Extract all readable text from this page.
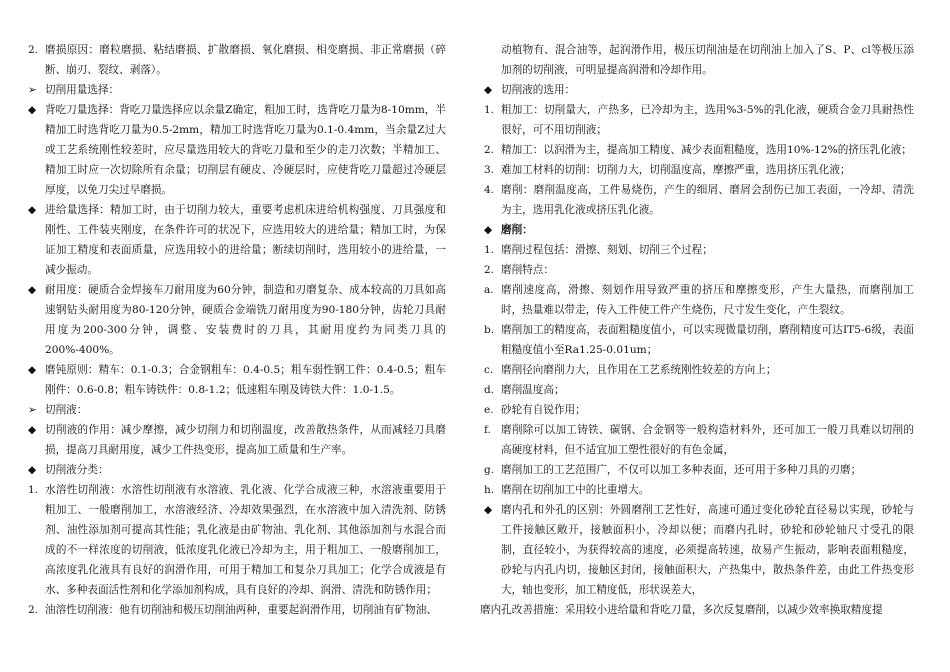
2. 磨损原因：磨粒磨损、粘结磨损、扩散磨损、氧化磨损、相变磨损、非正常磨损（碎断、崩刃、裂纹、剥落）。
➢ 切削用量选择：
◆ 背吃刀量选择：背吃刀量选择应以余量Z确定，粗加工时，选背吃刀量为8-10mm，半精加工时选背吃刀量为0.5-2mm，精加工时选背吃刀量为0.1-0.4mm，当余量Z过大或工艺系统刚性较差时，应尽量选用较大的背吃刀量和至少的走刀次数；半精加工、精加工时应一次切除所有余量；切削层有硬皮、冷硬层时，应使背吃刀量超过冷硬层厚度，以免刀尖过早磨损。
◆ 进给量选择：精加工时，由于切削力较大，重要考虑机床进给机构强度、刀具强度和刚性、工件装夹刚度，在条件许可的状况下，应选用较大的进给量；精加工时，为保证加工精度和表面质量，应选用较小的进给量；断续切削时，选用较小的进给量，一减少振动。
◆ 耐用度：硬质合金焊接车刀耐用度为60分钟，制造和刃磨复杂、成本较高的刀具如高速钢钻头耐用度为80-120分钟，硬质合金端铣刀耐用度为90-180分钟，齿轮刀具耐用度为200-300分钟，调整、安装费时的刀具，其耐用度约为同类刀具的200%-400%。
◆ 磨钝原则：精车：0.1-0.3；合金钢粗车：0.4-0.5；粗车弱性钢工件：0.4-0.5；粗车刚件：0.6-0.8；粗车铸铁件：0.8-1.2；低速粗车刚及铸铁大件：1.0-1.5。
➢ 切削液：
◆ 切削液的作用：减少摩擦，减少切削力和切削温度，改善散热条件，从而减轻刀具磨损，提高刀具耐用度，减少工件热变形，提高加工质量和生产率。
◆ 切削液分类：
1. 水溶性切削液：水溶性切削液有水溶液、乳化液、化学合成液三种，水溶液重要用于粗加工、一般磨削加工，水溶液经济、冷却效果强烈，在水溶液中加入清洗剂、防锈剂、油性添加剂可提高其性能；乳化液是由矿物油、乳化剂、其他添加剂与水混合而成的不一样浓度的切削液，低浓度乳化液已冷却为主，用于粗加工、一般磨削加工，高浓度乳化液具有良好的润滑作用，可用于精加工和复杂刀具加工；化学合成液是有水、多种表面活性剂和化学添加剂构成，具有良好的冷却、润滑、清洗和防锈作用；
2. 油溶性切削液：他有切削油和极压切削油两种，重要起润滑作用，切削油有矿物油、
动植物有、混合油等，起润滑作用，极压切削油是在切削油上加入了S、P、cl等极压添加剂的切削液，可明显提高润滑和冷却作用。
◆ 切削液的选用：
1. 粗加工：切削量大，产热多，已冷却为主，选用%3-5%的乳化液，硬质合金刀具耐热性很好，可不用切削液；
2. 精加工：以润滑为主，提高加工精度、减少表面粗糙度，选用10%-12%的挤压乳化液；
3. 难加工材料的切削：切削力大，切削温度高，摩擦严重，选用挤压乳化液；
4. 磨削：磨削温度高，工件易烧伤，产生的细屑、磨屑会刮伤已加工表面，一冷却、清洗为主，选用乳化液或挤压乳化液。
◆ 磨削：
1. 磨削过程包括：滑擦、刻划、切削三个过程；
2. 磨削特点：
a. 磨削速度高，滑擦、刻划作用导致严重的挤压和摩擦变形，产生大量热，而磨削加工时，热量难以带走，传入工件使工件产生烧伤，尺寸发生变化，产生裂纹。
b. 磨削加工的精度高，表面粗糙度值小，可以实现微量切削，磨削精度可达IT5-6级，表面粗糙度值小至Ra1.25-0.01um；
c. 磨削径向磨削力大，且作用在工艺系统刚性较差的方向上；
d. 磨削温度高；
e. 砂轮有自锐作用；
f. 磨削除可以加工铸铁、碳钢、合金钢等一般构造材料外，还可加工一般刀具难以切削的高硬度材料，但不适宜加工塑性很好的有色金属，
g. 磨削加工的工艺范围广，不仅可以加工多种表面，还可用于多种刀具的刃磨；
h. 磨削在切削加工中的比重增大。
◆ 磨内孔和外孔的区别：外圆磨削工艺性好，高速可通过变化砂轮直径易以实现，砂轮与工件接触区敞开，接触面积小，冷却以便；而磨内孔时，砂轮和砂轮轴尺寸受孔的限制，直径较小，为获得较高的速度，必须提高转速，故易产生振动，影响表面粗糙度，砂轮与内孔内切，接触区封闭，接触面积大，产热集中，散热条件差，由此工件热变形大，轴也变形，加工精度低，形状误差大，
磨内孔改善措施：采用较小进给量和背吃刀量，多次反复磨削，以减少效率换取精度提
